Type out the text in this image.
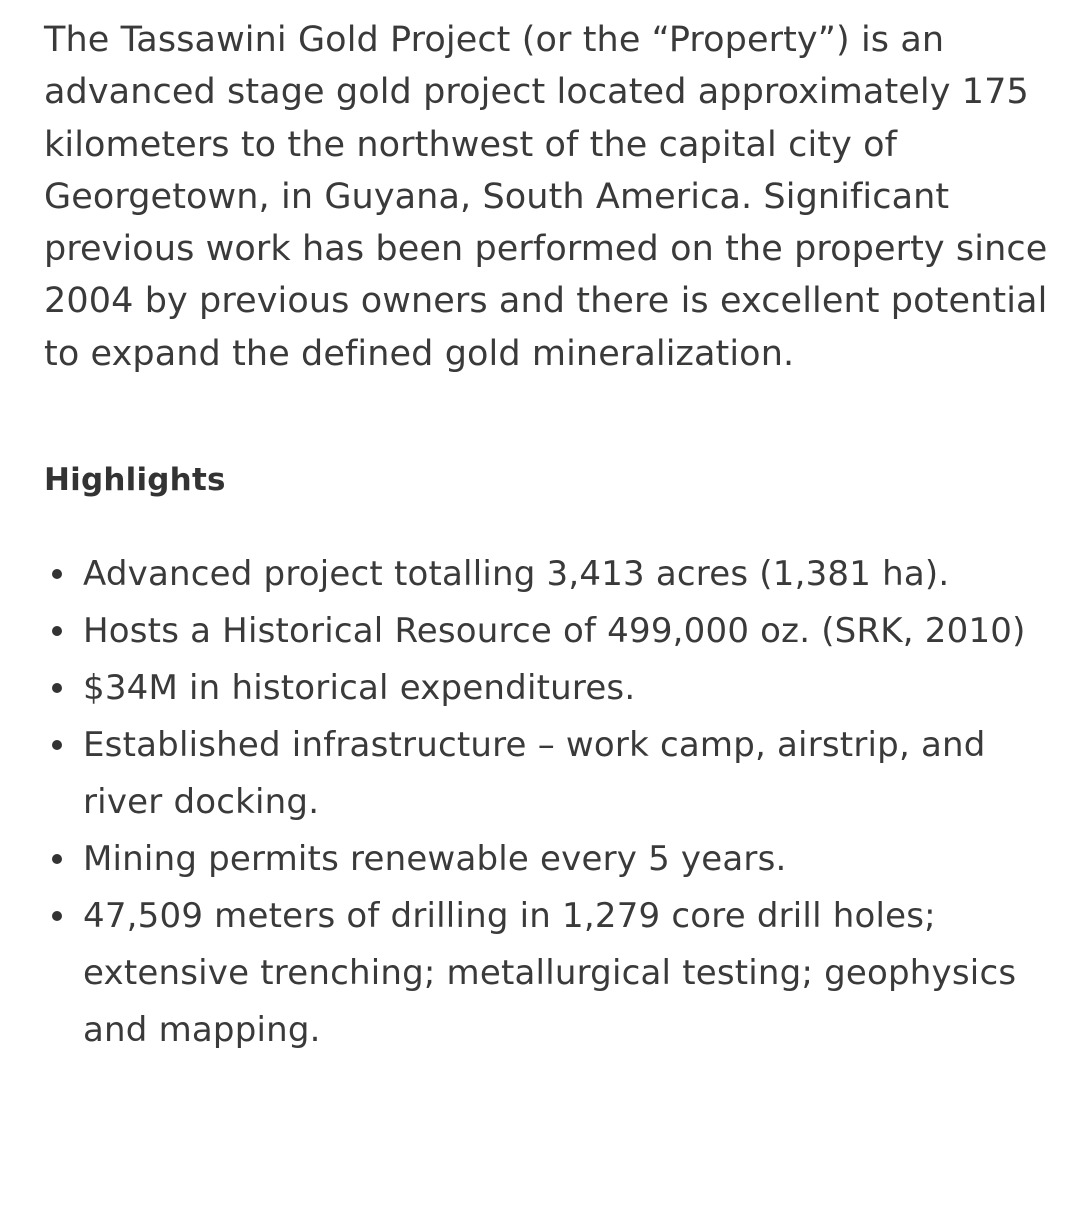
The Tassawini Gold Project (or the “Property”) is an advanced stage gold project located approximately 175 kilometers to the northwest of the capital city of Georgetown, in Guyana, South America. Significant previous work has been performed on the property since 2004 by previous owners and there is excellent potential to expand the defined gold mineralization.

Highlights
Advanced project totalling 3,413 acres (1,381 ha).
Hosts a Historical Resource of 499,000 oz. (SRK, 2010)
$34M in historical expenditures.
Established infrastructure – work camp, airstrip, and river docking.
Mining permits renewable every 5 years.
47,509 meters of drilling in 1,279 core drill holes; extensive trenching; metallurgical testing; geophysics and mapping.
